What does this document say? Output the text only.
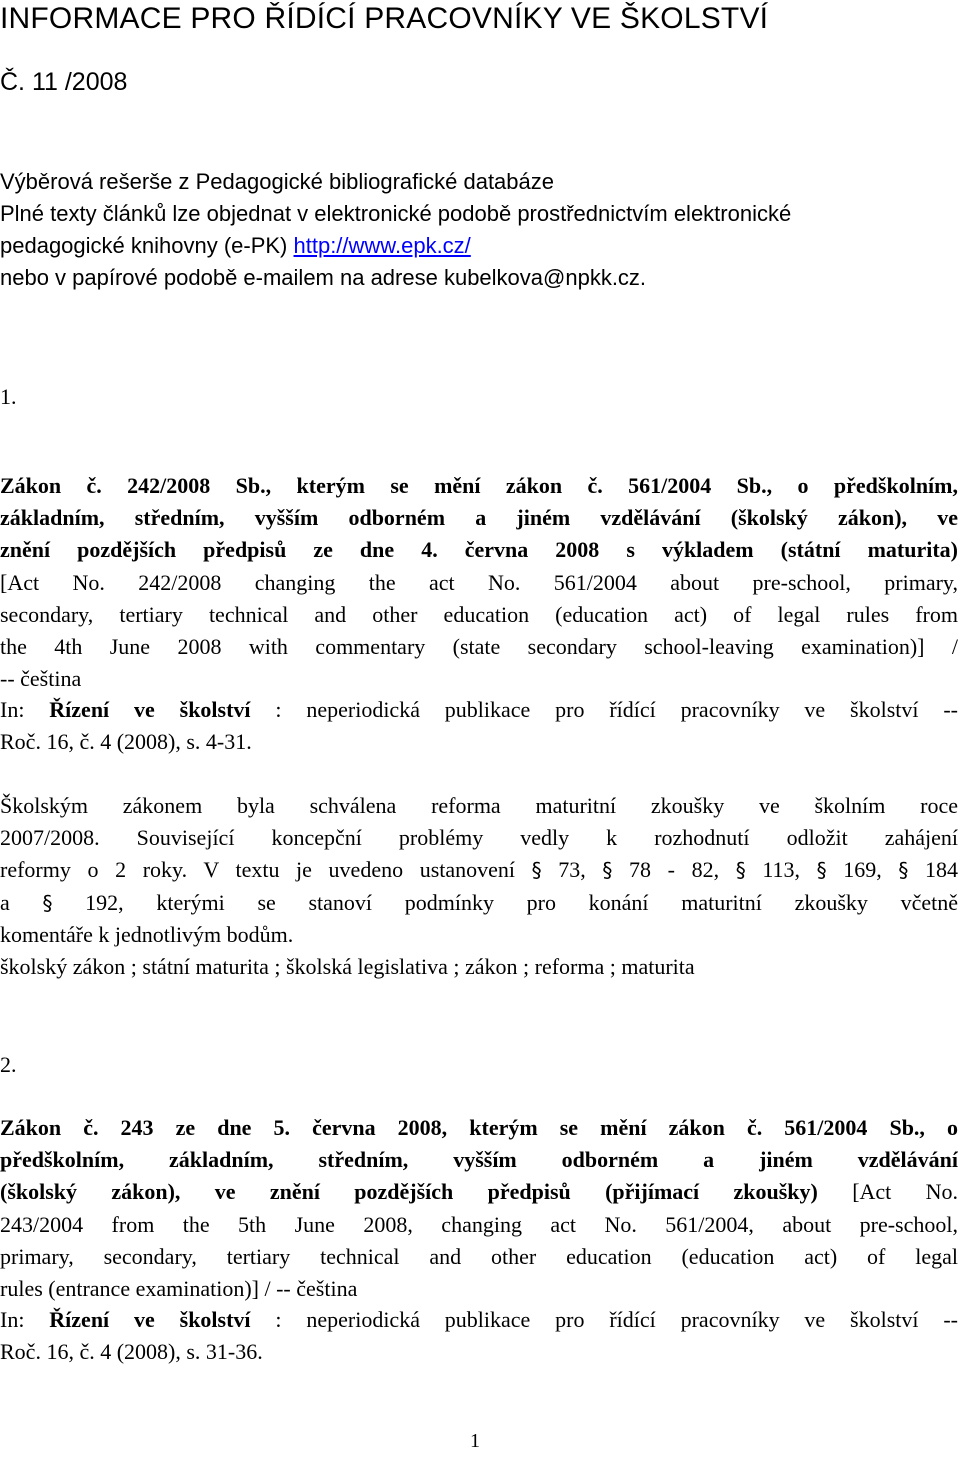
INFORMACE PRO ŘÍDÍCÍ PRACOVNÍKY VE ŠKOLSTVÍ
Č. 11 /2008
Výběrová rešerše z Pedagogické bibliografické databáze
Plné texty článků lze objednat v elektronické podobě prostřednictvím elektronické
pedagogické knihovny (e-PK) http://www.epk.cz/
nebo v papírové podobě e-mailem na adrese kubelkova@npkk.cz.
1.
Zákon č. 242/2008 Sb., kterým se mění zákon č. 561/2004 Sb., o předškolním,
základním, středním, vyšším odborném a jiném vzdělávání (školský zákon), ve
znění pozdějších předpisů ze dne 4. června 2008 s výkladem (státní maturita)
[Act No. 242/2008 changing the act No. 561/2004 about pre-school, primary,
secondary, tertiary technical and other education (education act) of legal rules from
the 4th June 2008 with commentary (state secondary school-leaving examination)] /
-- čeština
In: Řízení ve školství : neperiodická publikace pro řídící pracovníky ve školství --
Roč. 16, č. 4 (2008), s. 4-31.
Školským zákonem byla schválena reforma maturitní zkoušky ve školním roce
2007/2008. Související koncepční problémy vedly k rozhodnutí odložit zahájení
reformy o 2 roky. V textu je uvedeno ustanovení § 73, § 78 - 82, § 113, § 169, § 184
a § 192, kterými se stanoví podmínky pro konání maturitní zkoušky včetně
komentáře k jednotlivým bodům.
školský zákon ; státní maturita ; školská legislativa ; zákon ; reforma ; maturita
2.
Zákon č. 243 ze dne 5. června 2008, kterým se mění zákon č. 561/2004 Sb., o
předškolním, základním, středním, vyšším odborném a jiném vzdělávání
(školský zákon), ve znění pozdějších předpisů (přijímací zkoušky) [Act No.
243/2004 from the 5th June 2008, changing act No. 561/2004, about pre-school,
primary, secondary, tertiary technical and other education (education act) of legal
rules (entrance examination)] / -- čeština
In: Řízení ve školství : neperiodická publikace pro řídící pracovníky ve školství --
Roč. 16, č. 4 (2008), s. 31-36.
1
